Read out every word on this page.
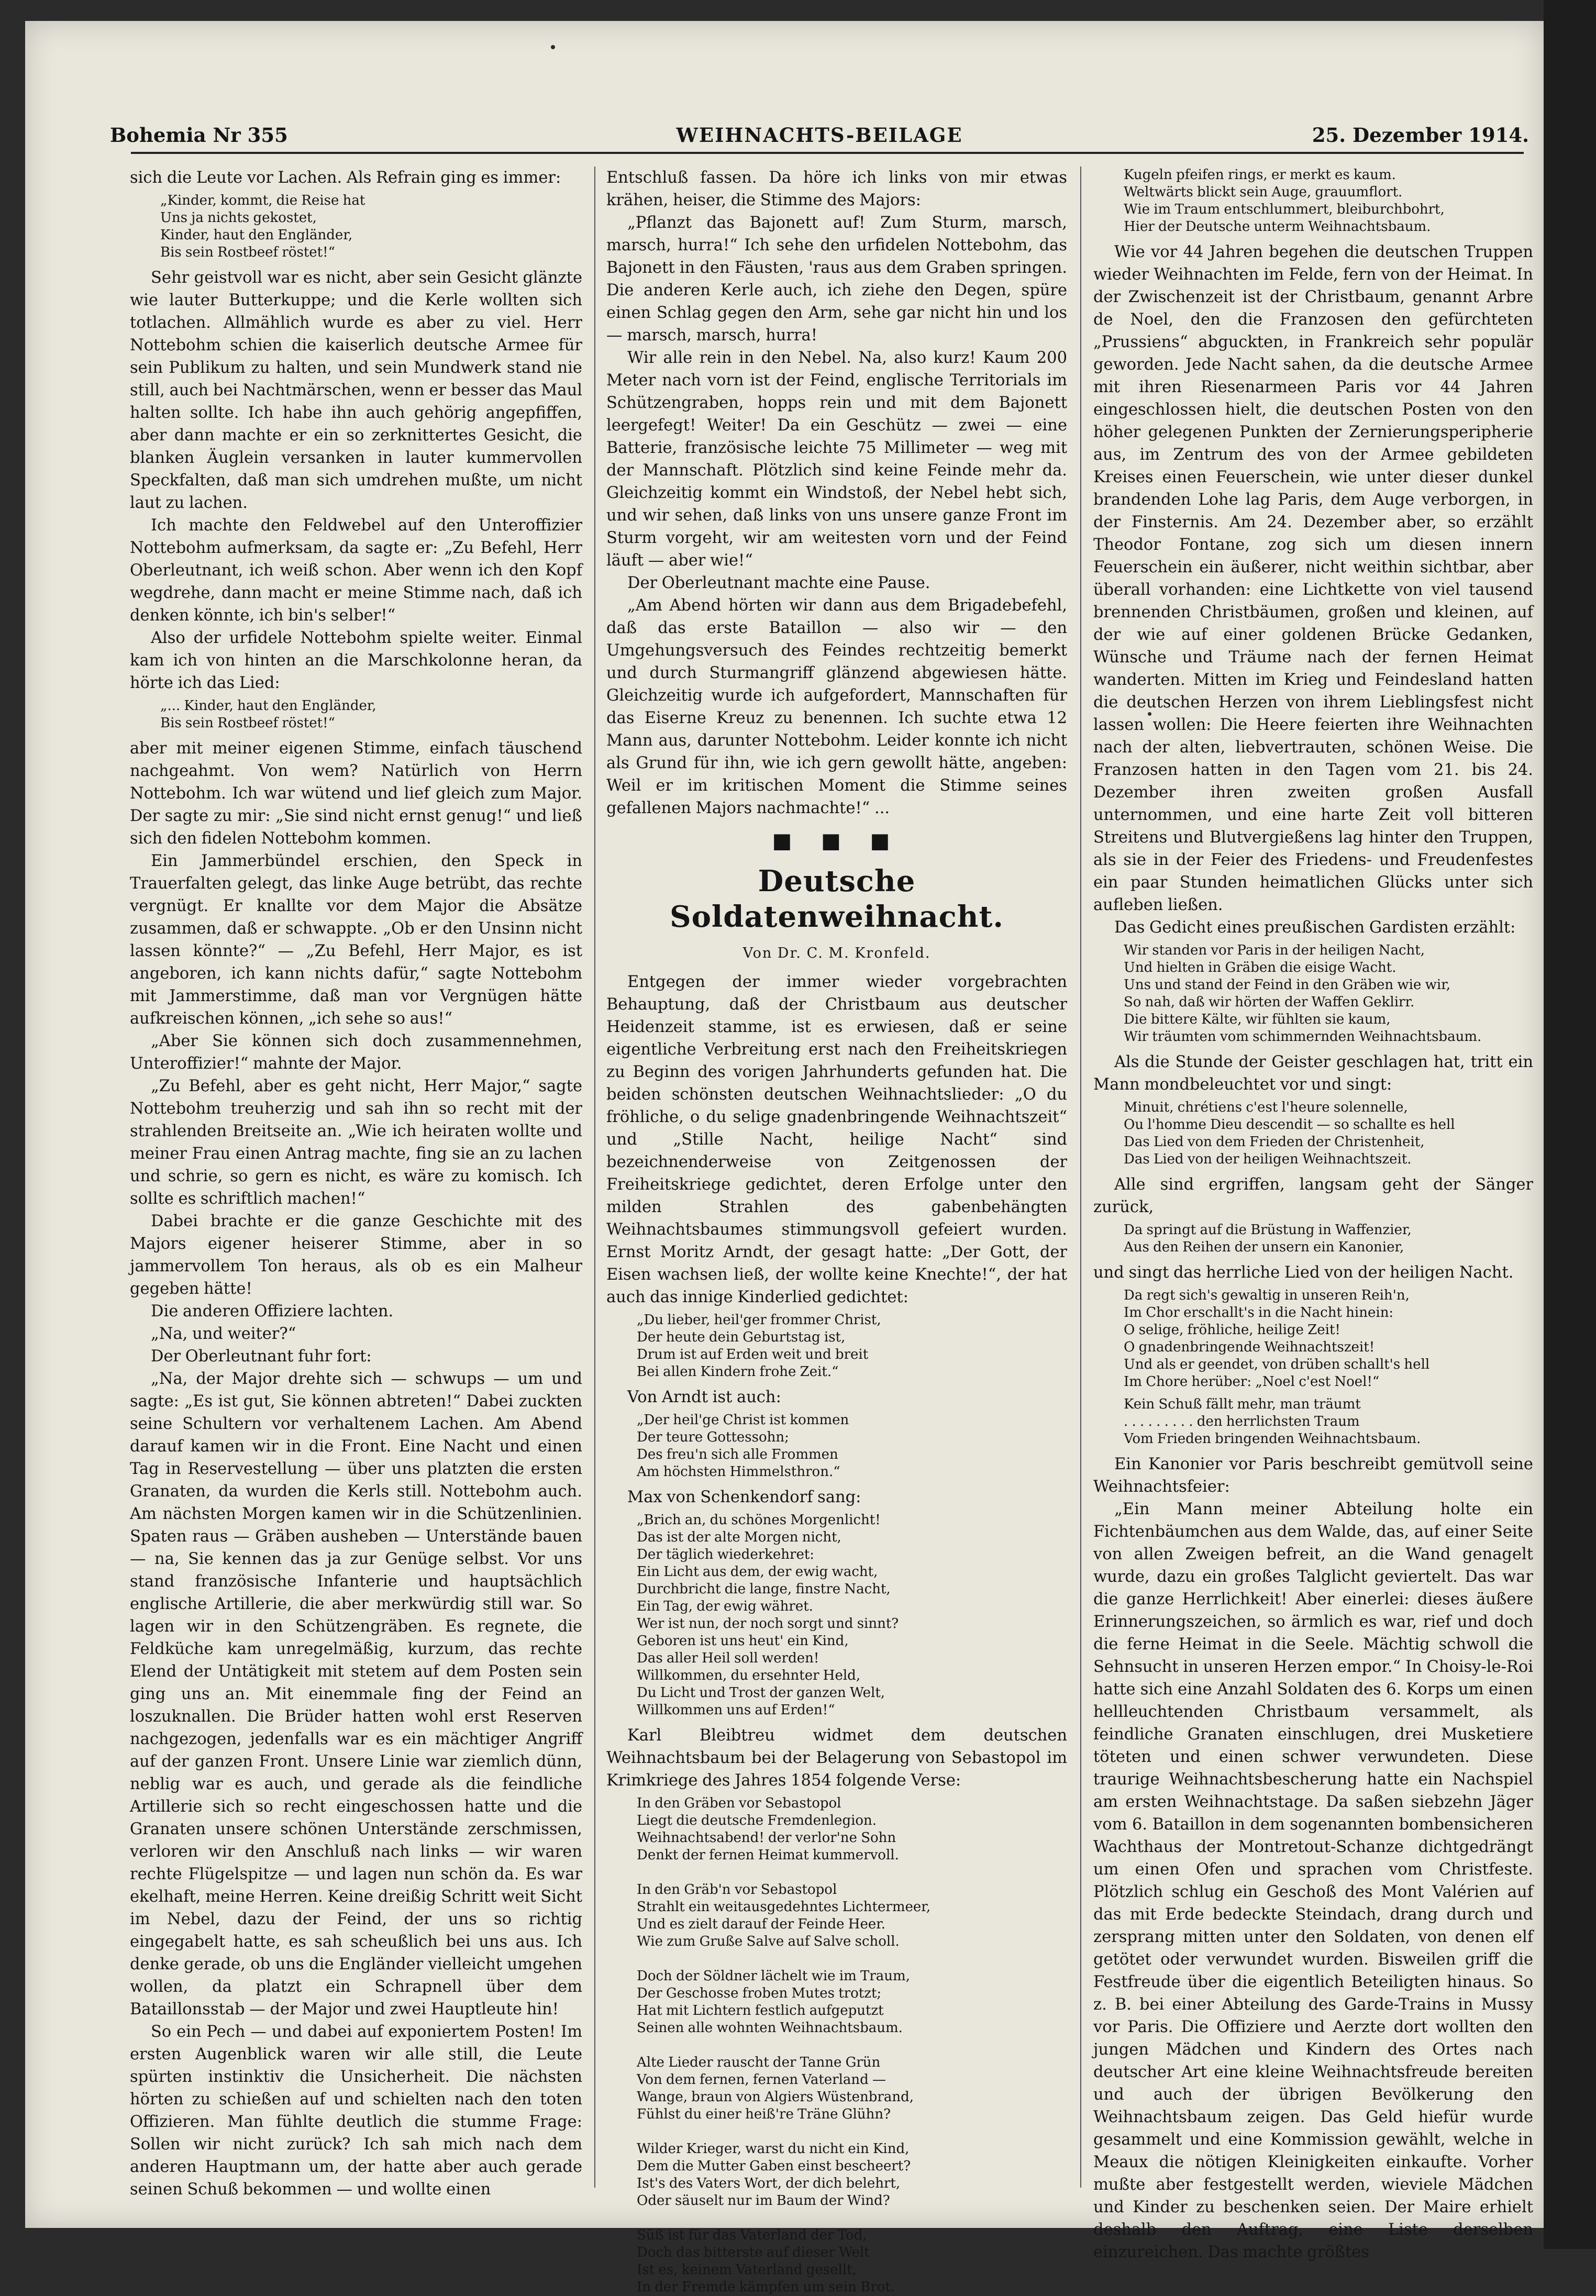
Bohemia Nr 355	WEIHNACHTS-BEILAGE	25. Dezember 1914.

sich die Leute vor Lachen. Als Refrain ging es immer:

„Kinder, kommt, die Reise hat
Uns ja nichts gekostet,
Kinder, haut den Engländer,
Bis sein Rostbeef röstet!“

Sehr geistvoll war es nicht, aber sein Gesicht glänzte wie lauter Butterkuppe; und die Kerle wollten sich totlachen. Allmählich wurde es aber zu viel. Herr Nottebohm schien die kaiserlich deutsche Armee für sein Publikum zu halten, und sein Mundwerk stand nie still, auch bei Nachtmärschen, wenn er besser das Maul halten sollte. Ich habe ihn auch gehörig angepfiffen, aber dann machte er ein so zerknittertes Gesicht, die blanken Äuglein versanken in lauter kummervollen Speckfalten, daß man sich umdrehen mußte, um nicht laut zu lachen.

Ich machte den Feldwebel auf den Unteroffizier Nottebohm aufmerksam, da sagte er: „Zu Befehl, Herr Oberleutnant, ich weiß schon. Aber wenn ich den Kopf wegdrehe, dann macht er meine Stimme nach, daß ich denken könnte, ich bin's selber!“

Also der urfidele Nottebohm spielte weiter. Einmal kam ich von hinten an die Marschkolonne heran, da hörte ich das Lied:

„... Kinder, haut den Engländer,
Bis sein Rostbeef röstet!“

aber mit meiner eigenen Stimme, einfach täuschend nachgeahmt. Von wem? Natürlich von Herrn Nottebohm. Ich war wütend und lief gleich zum Major. Der sagte zu mir: „Sie sind nicht ernst genug!“ und ließ sich den fidelen Nottebohm kommen.

Ein Jammerbündel erschien, den Speck in Trauerfalten gelegt, das linke Auge betrübt, das rechte vergnügt. Er knallte vor dem Major die Absätze zusammen, daß er schwappte. „Ob er den Unsinn nicht lassen könnte?“ — „Zu Befehl, Herr Major, es ist angeboren, ich kann nichts dafür,“ sagte Nottebohm mit Jammerstimme, daß man vor Vergnügen hätte aufkreischen können, „ich sehe so aus!“

„Aber Sie können sich doch zusammennehmen, Unteroffizier!“ mahnte der Major.

„Zu Befehl, aber es geht nicht, Herr Major,“ sagte Nottebohm treuherzig und sah ihn so recht mit der strahlenden Breitseite an. „Wie ich heiraten wollte und meiner Frau einen Antrag machte, fing sie an zu lachen und schrie, so gern es nicht, es wäre zu komisch. Ich sollte es schriftlich machen!“

Dabei brachte er die ganze Geschichte mit des Majors eigener heiserer Stimme, aber in so jammervollem Ton heraus, als ob es ein Malheur gegeben hätte!

Die anderen Offiziere lachten.

„Na, und weiter?“

Der Oberleutnant fuhr fort:

„Na, der Major drehte sich — schwups — um und sagte: „Es ist gut, Sie können abtreten!“ Dabei zuckten seine Schultern vor verhaltenem Lachen. Am Abend darauf kamen wir in die Front. Eine Nacht und einen Tag in Reservestellung — über uns platzten die ersten Granaten, da wurden die Kerls still. Nottebohm auch. Am nächsten Morgen kamen wir in die Schützenlinien. Spaten raus — Gräben ausheben — Unterstände bauen — na, Sie kennen das ja zur Genüge selbst. Vor uns stand französische Infanterie und hauptsächlich englische Artillerie, die aber merkwürdig still war. So lagen wir in den Schützengräben. Es regnete, die Feldküche kam unregelmäßig, kurzum, das rechte Elend der Untätigkeit mit stetem auf dem Posten sein ging uns an. Mit einemmale fing der Feind an loszuknallen. Die Brüder hatten wohl erst Reserven nachgezogen, jedenfalls war es ein mächtiger Angriff auf der ganzen Front. Unsere Linie war ziemlich dünn, neblig war es auch, und gerade als die feindliche Artillerie sich so recht eingeschossen hatte und die Granaten unsere schönen Unterstände zerschmissen, verloren wir den Anschluß nach links — wir waren rechte Flügelspitze — und lagen nun schön da. Es war ekelhaft, meine Herren. Keine dreißig Schritt weit Sicht im Nebel, dazu der Feind, der uns so richtig eingegabelt hatte, es sah scheußlich bei uns aus. Ich denke gerade, ob uns die Engländer vielleicht umgehen wollen, da platzt ein Schrapnell über dem Bataillonsstab — der Major und zwei Hauptleute hin!

So ein Pech — und dabei auf exponiertem Posten! Im ersten Augenblick waren wir alle still, die Leute spürten instinktiv die Unsicherheit. Die nächsten hörten zu schießen auf und schielten nach den toten Offizieren. Man fühlte deutlich die stumme Frage: Sollen wir nicht zurück? Ich sah mich nach dem anderen Hauptmann um, der hatte aber auch gerade seinen Schuß bekommen — und wollte einen

Entschluß fassen. Da höre ich links von mir etwas krähen, heiser, die Stimme des Majors:

„Pflanzt das Bajonett auf! Zum Sturm, marsch, marsch, hurra!“ Ich sehe den urfidelen Nottebohm, das Bajonett in den Fäusten, 'raus aus dem Graben springen. Die anderen Kerle auch, ich ziehe den Degen, spüre einen Schlag gegen den Arm, sehe gar nicht hin und los — marsch, marsch, hurra!

Wir alle rein in den Nebel. Na, also kurz! Kaum 200 Meter nach vorn ist der Feind, englische Territorials im Schützengraben, hopps rein und mit dem Bajonett leergefegt! Weiter! Da ein Geschütz — zwei — eine Batterie, französische leichte 75 Millimeter — weg mit der Mannschaft. Plötzlich sind keine Feinde mehr da. Gleichzeitig kommt ein Windstoß, der Nebel hebt sich, und wir sehen, daß links von uns unsere ganze Front im Sturm vorgeht, wir am weitesten vorn und der Feind läuft — aber wie!“

Der Oberleutnant machte eine Pause.

„Am Abend hörten wir dann aus dem Brigadebefehl, daß das erste Bataillon — also wir — den Umgehungsversuch des Feindes rechtzeitig bemerkt und durch Sturmangriff glänzend abgewiesen hätte. Gleichzeitig wurde ich aufgefordert, Mannschaften für das Eiserne Kreuz zu benennen. Ich suchte etwa 12 Mann aus, darunter Nottebohm. Leider konnte ich nicht als Grund für ihn, wie ich gern gewollt hätte, angeben: Weil er im kritischen Moment die Stimme seines gefallenen Majors nachmachte!“ ...

■ ■ ■
Deutsche Soldatenweihnacht.
Von Dr. C. M. Kronfeld.

Entgegen der immer wieder vorgebrachten Behauptung, daß der Christbaum aus deutscher Heidenzeit stamme, ist es erwiesen, daß er seine eigentliche Verbreitung erst nach den Freiheitskriegen zu Beginn des vorigen Jahrhunderts gefunden hat. Die beiden schönsten deutschen Weihnachtslieder: „O du fröhliche, o du selige gnadenbringende Weihnachtszeit“ und „Stille Nacht, heilige Nacht“ sind bezeichnenderweise von Zeitgenossen der Freiheitskriege gedichtet, deren Erfolge unter den milden Strahlen des gabenbehängten Weihnachtsbaumes stimmungsvoll gefeiert wurden. Ernst Moritz Arndt, der gesagt hatte: „Der Gott, der Eisen wachsen ließ, der wollte keine Knechte!“, der hat auch das innige Kinderlied gedichtet:

„Du lieber, heil'ger frommer Christ,
Der heute dein Geburtstag ist,
Drum ist auf Erden weit und breit
Bei allen Kindern frohe Zeit.“

Von Arndt ist auch:

„Der heil'ge Christ ist kommen
Der teure Gottessohn;
Des freu'n sich alle Frommen
Am höchsten Himmelsthron.“

Max von Schenkendorf sang:

„Brich an, du schönes Morgenlicht!
Das ist der alte Morgen nicht,
Der täglich wiederkehret:
Ein Licht aus dem, der ewig wacht,
Durchbricht die lange, finstre Nacht,
Ein Tag, der ewig währet.
Wer ist nun, der noch sorgt und sinnt?
Geboren ist uns heut' ein Kind,
Das aller Heil soll werden!
Willkommen, du ersehnter Held,
Du Licht und Trost der ganzen Welt,
Willkommen uns auf Erden!“

Karl Bleibtreu widmet dem deutschen Weihnachtsbaum bei der Belagerung von Sebastopol im Krimkriege des Jahres 1854 folgende Verse:

In den Gräben vor Sebastopol
Liegt die deutsche Fremdenlegion.
Weihnachtsabend! der verlor'ne Sohn
Denkt der fernen Heimat kummervoll.

In den Gräb'n vor Sebastopol
Strahlt ein weitausgedehntes Lichtermeer,
Und es zielt darauf der Feinde Heer.
Wie zum Gruße Salve auf Salve scholl.

Doch der Söldner lächelt wie im Traum,
Der Geschosse froben Mutes trotzt;
Hat mit Lichtern festlich aufgeputzt
Seinen alle wohnten Weihnachtsbaum.

Alte Lieder rauscht der Tanne Grün
Von dem fernen, fernen Vaterland —
Wange, braun von Algiers Wüstenbrand,
Fühlst du einer heiß're Träne Glühn?

Wilder Krieger, warst du nicht ein Kind,
Dem die Mutter Gaben einst bescheert?
Ist's des Vaters Wort, der dich belehrt,
Oder säuselt nur im Baum der Wind?

Süß ist für das Vaterland der Tod,
Doch das bitterste auf dieser Welt
Ist es, keinem Vaterland gesellt,
In der Fremde kämpfen um sein Brot.
Kugeln pfeifen rings, er merkt es kaum.
Weltwärts blickt sein Auge, grauumflort.
Wie im Traum entschlummert, bleiburchbohrt,
Hier der Deutsche unterm Weihnachtsbaum.

Wie vor 44 Jahren begehen die deutschen Truppen wieder Weihnachten im Felde, fern von der Heimat. In der Zwischenzeit ist der Christbaum, genannt Arbre de Noel, den die Franzosen den gefürchteten „Prussiens“ abguckten, in Frankreich sehr populär geworden. Jede Nacht sahen, da die deutsche Armee mit ihren Riesenarmeen Paris vor 44 Jahren eingeschlossen hielt, die deutschen Posten von den höher gelegenen Punkten der Zernierungsperipherie aus, im Zentrum des von der Armee gebildeten Kreises einen Feuerschein, wie unter dieser dunkel brandenden Lohe lag Paris, dem Auge verborgen, in der Finsternis. Am 24. Dezember aber, so erzählt Theodor Fontane, zog sich um diesen innern Feuerschein ein äußerer, nicht weithin sichtbar, aber überall vorhanden: eine Lichtkette von viel tausend brennenden Christbäumen, großen und kleinen, auf der wie auf einer goldenen Brücke Gedanken, Wünsche und Träume nach der fernen Heimat wanderten. Mitten im Krieg und Feindesland hatten die deutschen Herzen von ihrem Lieblingsfest nicht lassen wollen: Die Heere feierten ihre Weihnachten nach der alten, liebvertrauten, schönen Weise. Die Franzosen hatten in den Tagen vom 21. bis 24. Dezember ihren zweiten großen Ausfall unternommen, und eine harte Zeit voll bitteren Streitens und Blutvergießens lag hinter den Truppen, als sie in der Feier des Friedens- und Freudenfestes ein paar Stunden heimatlichen Glücks unter sich aufleben ließen.

Das Gedicht eines preußischen Gardisten erzählt:

Wir standen vor Paris in der heiligen Nacht,
Und hielten in Gräben die eisige Wacht.
Uns und stand der Feind in den Gräben wie wir,
So nah, daß wir hörten der Waffen Geklirr.
Die bittere Kälte, wir fühlten sie kaum,
Wir träumten vom schimmernden Weihnachtsbaum.

Als die Stunde der Geister geschlagen hat, tritt ein Mann mondbeleuchtet vor und singt:

Minuit, chrétiens c'est l'heure solennelle,
Ou l'homme Dieu descendit — so schallte es hell
Das Lied von dem Frieden der Christenheit,
Das Lied von der heiligen Weihnachtszeit.

Alle sind ergriffen, langsam geht der Sänger zurück,

Da springt auf die Brüstung in Waffenzier,
Aus den Reihen der unsern ein Kanonier,

und singt das herrliche Lied von der heiligen Nacht.

Da regt sich's gewaltig in unseren Reih'n,
Im Chor erschallt's in die Nacht hinein:
O selige, fröhliche, heilige Zeit!
O gnadenbringende Weihnachtszeit!
Und als er geendet, von drüben schallt's hell
Im Chore herüber: „Noel c'est Noel!“
Kein Schuß fällt mehr, man träumt
. . . . . . . . . den herrlichsten Traum
Vom Frieden bringenden Weihnachtsbaum.

Ein Kanonier vor Paris beschreibt gemütvoll seine Weihnachtsfeier:

„Ein Mann meiner Abteilung holte ein Fichtenbäumchen aus dem Walde, das, auf einer Seite von allen Zweigen befreit, an die Wand genagelt wurde, dazu ein großes Talglicht geviertelt. Das war die ganze Herrlichkeit! Aber einerlei: dieses äußere Erinnerungszeichen, so ärmlich es war, rief und doch die ferne Heimat in die Seele. Mächtig schwoll die Sehnsucht in unseren Herzen empor.“ In Choisy-le-Roi hatte sich eine Anzahl Soldaten des 6. Korps um einen hellleuchtenden Christbaum versammelt, als feindliche Granaten einschlugen, drei Musketiere töteten und einen schwer verwundeten. Diese traurige Weihnachtsbescherung hatte ein Nachspiel am ersten Weihnachtstage. Da saßen siebzehn Jäger vom 6. Bataillon in dem sogenannten bombensicheren Wachthaus der Montretout-Schanze dichtgedrängt um einen Ofen und sprachen vom Christfeste. Plötzlich schlug ein Geschoß des Mont Valérien auf das mit Erde bedeckte Steindach, drang durch und zersprang mitten unter den Soldaten, von denen elf getötet oder verwundet wurden. Bisweilen griff die Festfreude über die eigentlich Beteiligten hinaus. So z. B. bei einer Abteilung des Garde-Trains in Mussy vor Paris. Die Offiziere und Aerzte dort wollten den jungen Mädchen und Kindern des Ortes nach deutscher Art eine kleine Weihnachtsfreude bereiten und auch der übrigen Bevölkerung den Weihnachtsbaum zeigen. Das Geld hiefür wurde gesammelt und eine Kommission gewählt, welche in Meaux die nötigen Kleinigkeiten einkaufte. Vorher mußte aber festgestellt werden, wieviele Mädchen und Kinder zu beschenken seien. Der Maire erhielt deshalb den Auftrag, eine Liste derselben einzureichen. Das machte größtes
